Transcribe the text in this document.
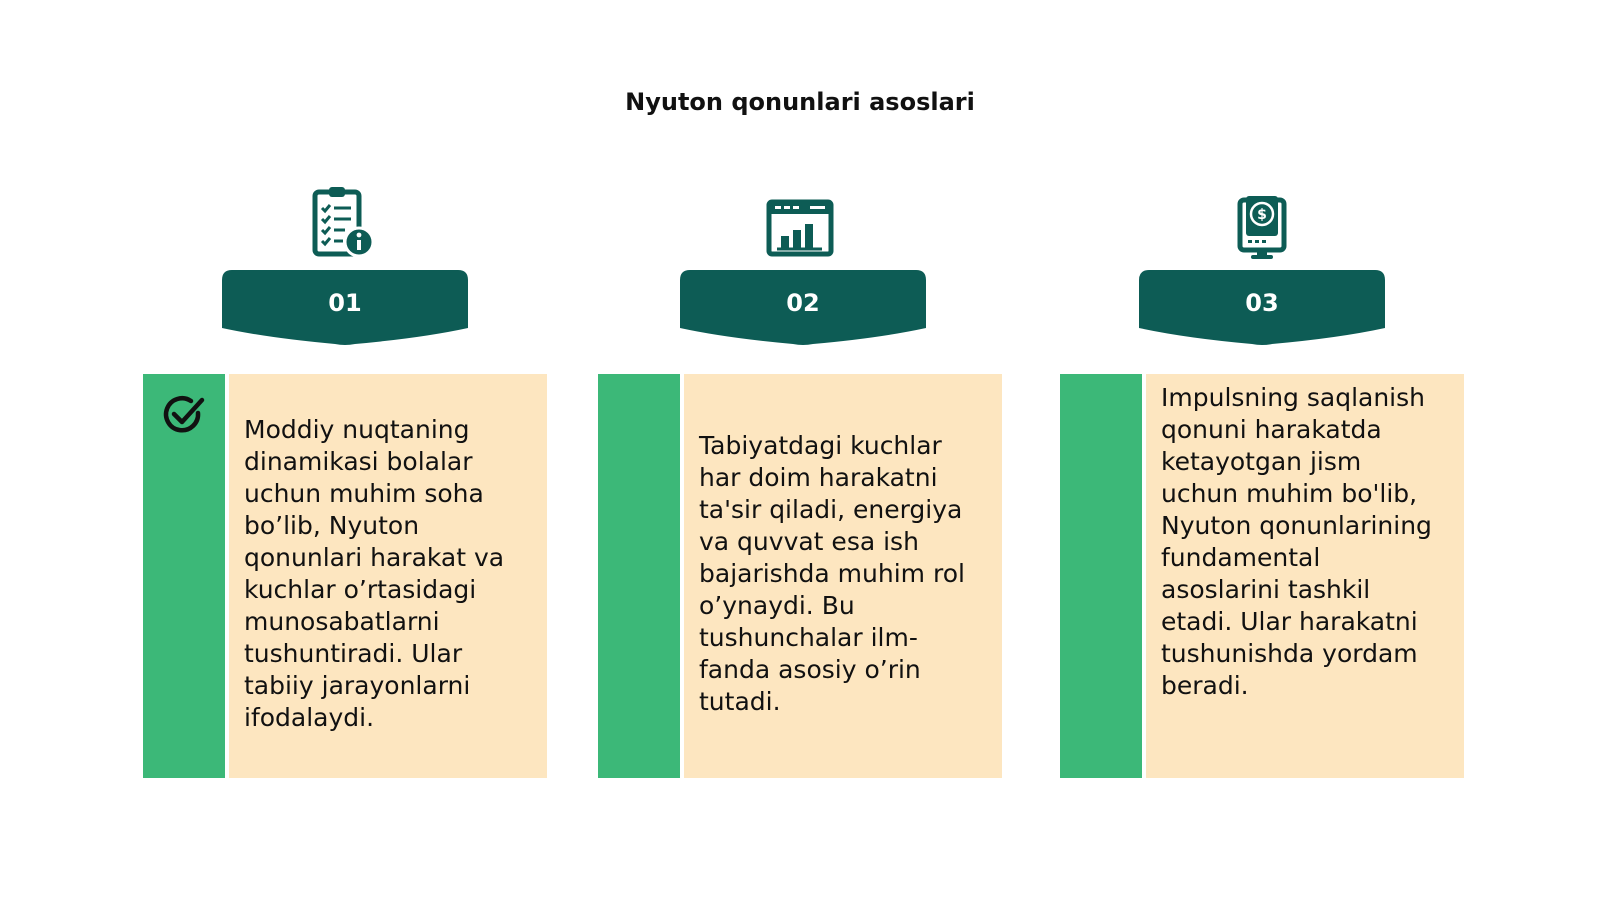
Nyuton qonunlari asoslari
01
Moddiy nuqtaning dinamikasi bolalar uchun muhim soha bo’lib, Nyuton qonunlari harakat va kuchlar o’rtasidagi munosabatlarni tushuntiradi. Ular tabiiy jarayonlarni ifodalaydi.
02
Tabiyatdagi kuchlar har doim harakatni ta'sir qiladi, energiya va quvvat esa ish bajarishda muhim rol o’ynaydi. Bu tushunchalar ilm-fanda asosiy o’rin tutadi.
$
03
Impulsning saqlanish qonuni harakatda ketayotgan jism uchun muhim bo'lib, Nyuton qonunlarining fundamental asoslarini tashkil etadi. Ular harakatni tushunishda yordam beradi.
